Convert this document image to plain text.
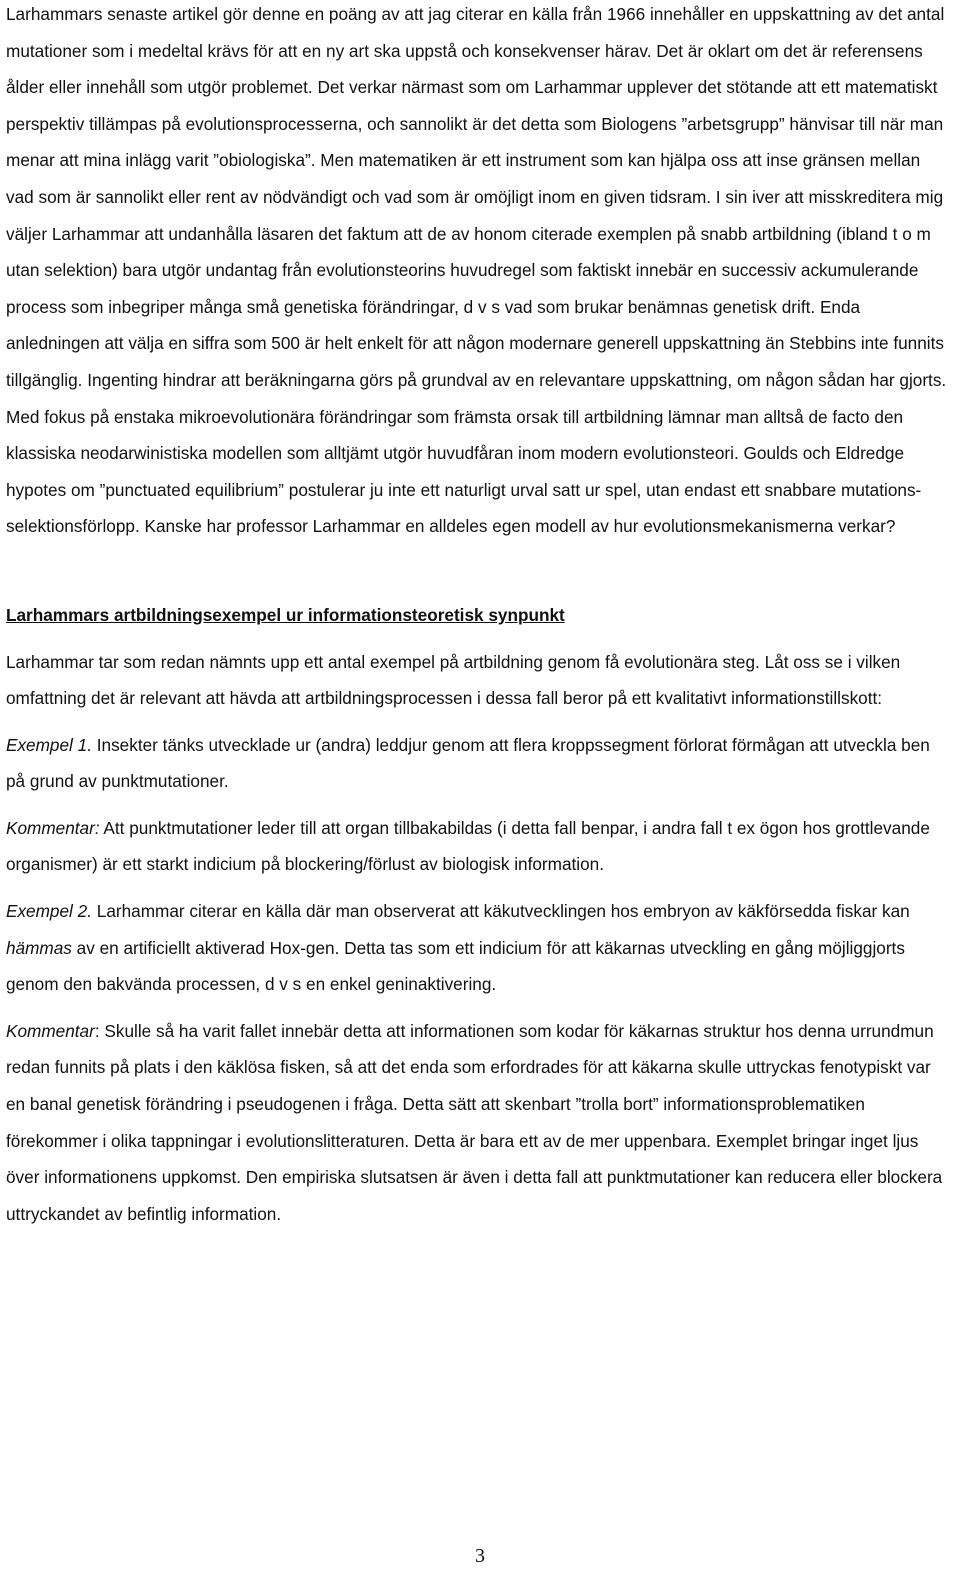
Larhammars senaste artikel gör denne en poäng av att jag citerar en källa från 1966 innehåller en uppskattning av det antal mutationer som i medeltal krävs för att en ny art ska uppstå och konsekvenser härav. Det är oklart om det är referensens ålder eller innehåll som utgör problemet. Det verkar närmast som om Larhammar upplever det stötande att ett matematiskt perspektiv tillämpas på evolutionsprocesserna, och sannolikt är det detta som Biologens ”arbetsgrupp” hänvisar till när man menar att mina inlägg varit ”obiologiska”. Men matematiken är ett instrument som kan hjälpa oss att inse gränsen mellan vad som är sannolikt eller rent av nödvändigt och vad som är omöjligt inom en given tidsram. I sin iver att misskreditera mig väljer Larhammar att undanhålla läsaren det faktum att de av honom citerade exemplen på snabb artbildning (ibland t o m utan selektion) bara utgör undantag från evolutionsteorins huvudregel som faktiskt innebär en successiv ackumulerande process som inbegriper många små genetiska förändringar, d v s vad som brukar benämnas genetisk drift. Enda anledningen att välja en siffra som 500 är helt enkelt för att någon modernare generell uppskattning än Stebbins inte funnits tillgänglig. Ingenting hindrar att beräkningarna görs på grundval av en relevantare uppskattning, om någon sådan har gjorts. Med fokus på enstaka mikroevolutionära förändringar som främsta orsak till artbildning lämnar man alltså de facto den klassiska neodarwinistiska modellen som alltjämt utgör huvudfåran inom modern evolutionsteori. Goulds och Eldredge hypotes om ”punctuated equilibrium” postulerar ju inte ett naturligt urval satt ur spel, utan endast ett snabbare mutations-selektionsförlopp. Kanske har professor Larhammar en alldeles egen modell av hur evolutionsmekanismerna verkar?

Larhammars artbildningsexempel ur informationsteoretisk synpunkt

Larhammar tar som redan nämnts upp ett antal exempel på artbildning genom få evolutionära steg. Låt oss se i vilken omfattning det är relevant att hävda att artbildningsprocessen i dessa fall beror på ett kvalitativt informationstillskott:

Exempel 1. Insekter tänks utvecklade ur (andra) leddjur genom att flera kroppssegment förlorat förmågan att utveckla ben på grund av punktmutationer.

Kommentar: Att punktmutationer leder till att organ tillbakabildas (i detta fall benpar, i andra fall t ex ögon hos grottlevande organismer) är ett starkt indicium på blockering/förlust av biologisk information.

Exempel 2. Larhammar citerar en källa där man observerat att käkutvecklingen hos embryon av käkförsedda fiskar kan hämmas av en artificiellt aktiverad Hox-gen. Detta tas som ett indicium för att käkarnas utveckling en gång möjliggjorts genom den bakvända processen, d v s en enkel geninaktivering.

Kommentar: Skulle så ha varit fallet innebär detta att informationen som kodar för käkarnas struktur hos denna urrundmun redan funnits på plats i den käklösa fisken, så att det enda som erfordrades för att käkarna skulle uttryckas fenotypiskt var en banal genetisk förändring i pseudogenen i fråga. Detta sätt att skenbart ”trolla bort” informationsproblematiken förekommer i olika tappningar i evolutionslitteraturen. Detta är bara ett av de mer uppenbara. Exemplet bringar inget ljus över informationens uppkomst. Den empiriska slutsatsen är även i detta fall att punktmutationer kan reducera eller blockera uttryckandet av befintlig information.

3
